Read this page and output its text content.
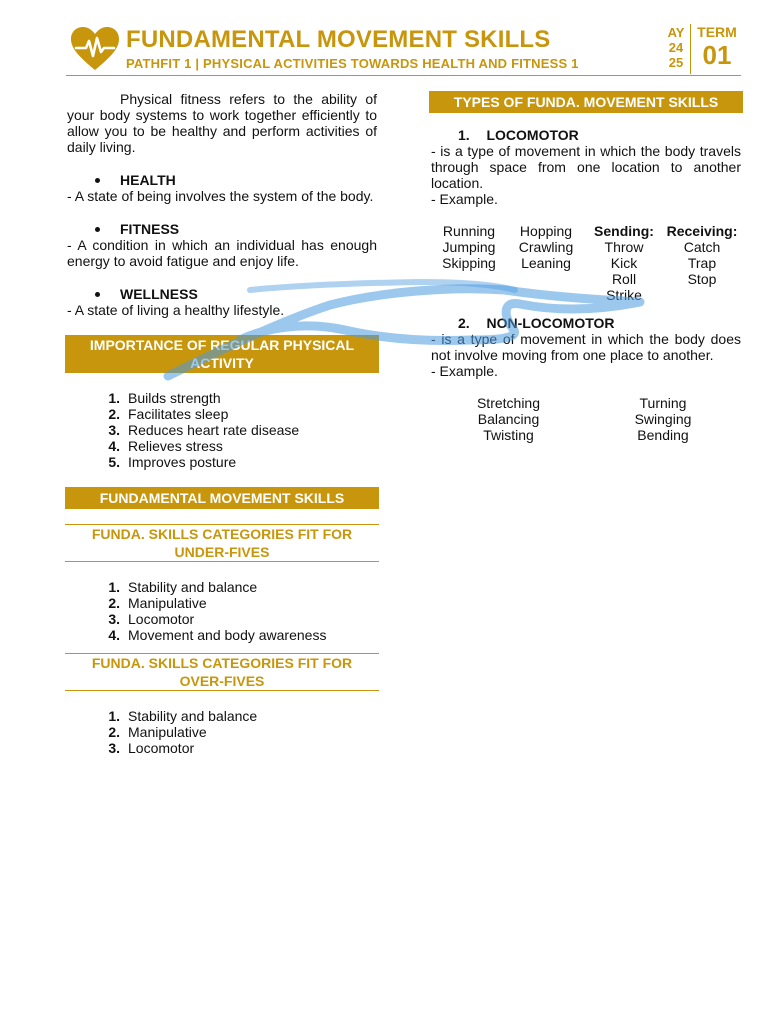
FUNDAMENTAL MOVEMENT SKILLS
PATHFIT 1 | PHYSICAL ACTIVITIES TOWARDS HEALTH AND FITNESS 1
AY
24
25
TERM
01
Physical fitness refers to the ability of your body systems to work together efficiently to allow you to be healthy and perform activities of daily living.
HEALTH
- A state of being involves the system of the body.
FITNESS
- A condition in which an individual has enough energy to avoid fatigue and enjoy life.
WELLNESS
- A state of living a healthy lifestyle.
IMPORTANCE OF REGULAR PHYSICAL ACTIVITY
1. Builds strength
2. Facilitates sleep
3. Reduces heart rate disease
4. Relieves stress
5. Improves posture
FUNDAMENTAL MOVEMENT SKILLS
FUNDA. SKILLS CATEGORIES FIT FOR UNDER-FIVES
1. Stability and balance
2. Manipulative
3. Locomotor
4. Movement and body awareness
FUNDA. SKILLS CATEGORIES FIT FOR OVER-FIVES
1. Stability and balance
2. Manipulative
3. Locomotor
TYPES OF FUNDA. MOVEMENT SKILLS
1. LOCOMOTOR
- is a type of movement in which the body travels through space from one location to another location.
- Example.
Running
Jumping
Skipping
Hopping
Crawling
Leaning
Sending:
Throw
Kick
Roll
Strike
Receiving:
Catch
Trap
Stop
2. NON-LOCOMOTOR
- is a type of movement in which the body does not involve moving from one place to another.
- Example.
Stretching
Balancing
Twisting
Turning
Swinging
Bending
